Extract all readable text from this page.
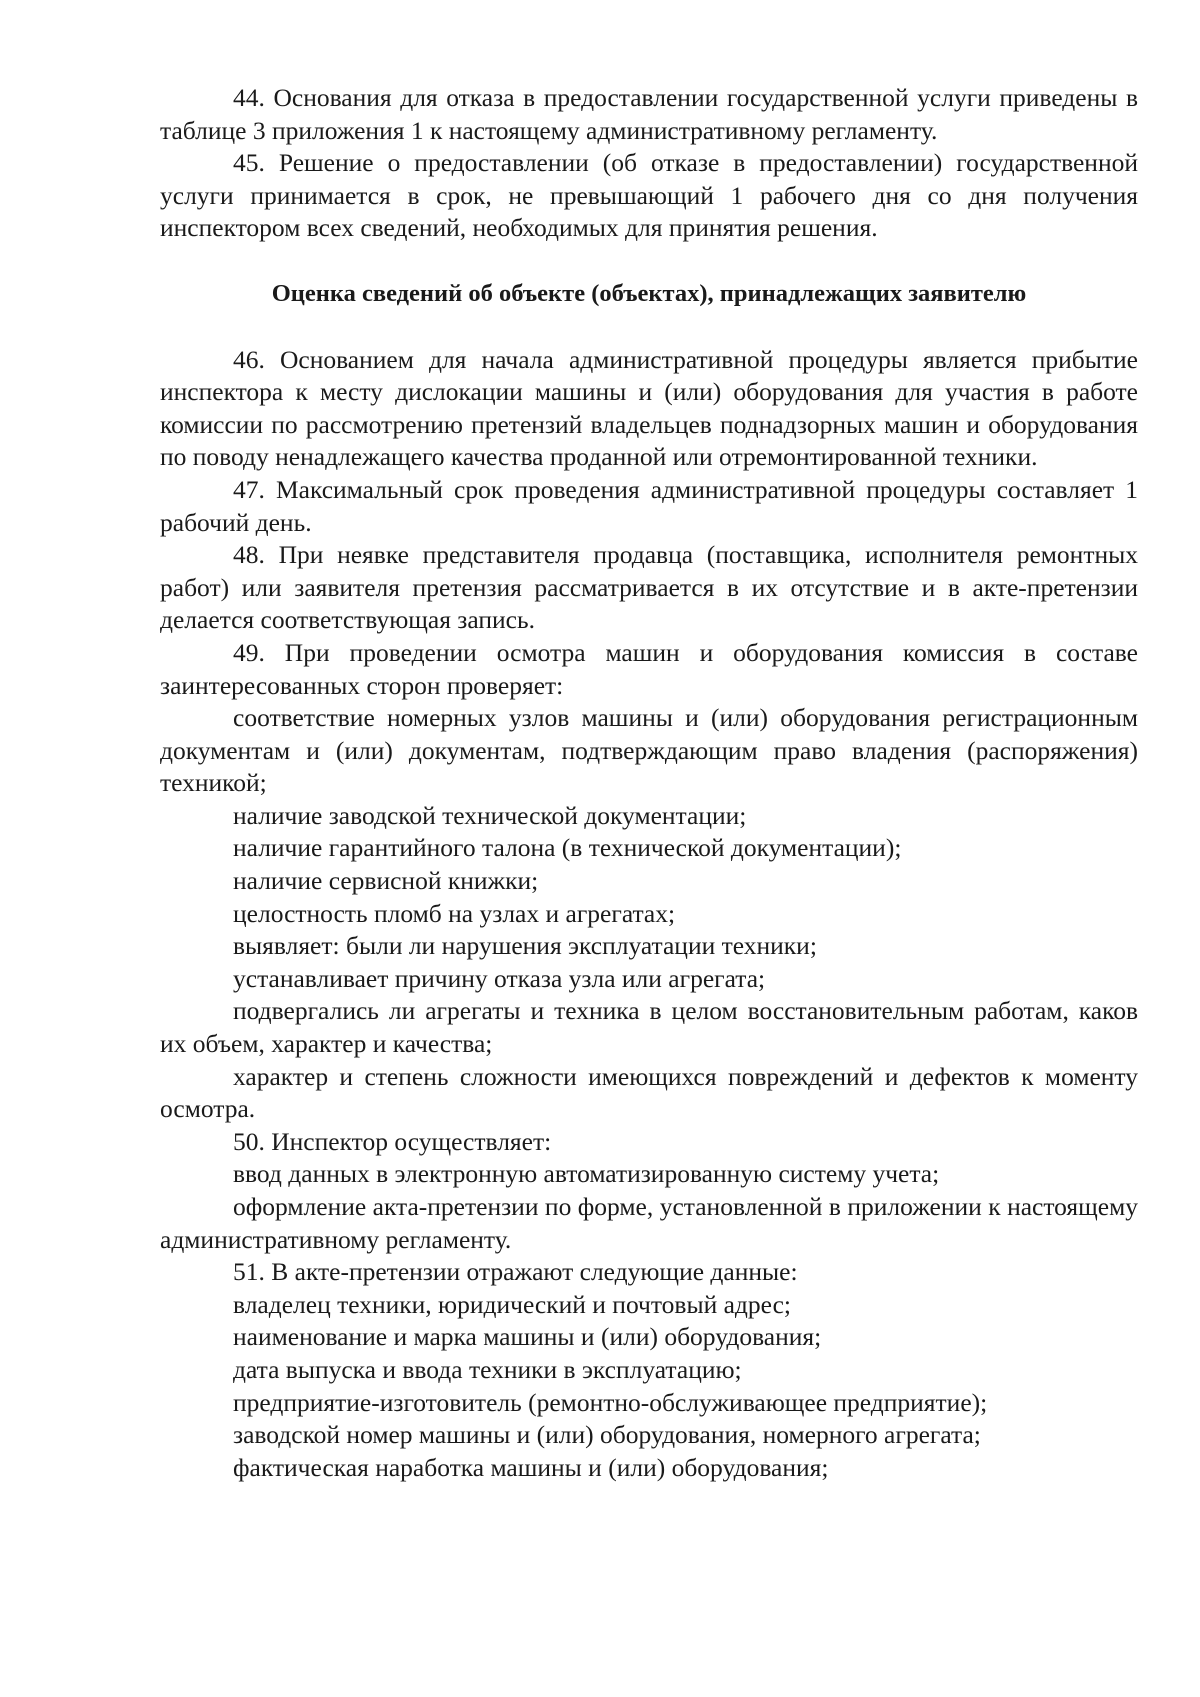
44. Основания для отказа в предоставлении государственной услуги приведены в таблице 3 приложения 1 к настоящему административному регламенту.

45. Решение о предоставлении (об отказе в предоставлении) государственной услуги принимается в срок, не превышающий 1 рабочего дня со дня получения инспектором всех сведений, необходимых для принятия решения.

Оценка сведений об объекте (объектах), принадлежащих заявителю

46. Основанием для начала административной процедуры является прибытие инспектора к месту дислокации машины и (или) оборудования для участия в работе комиссии по рассмотрению претензий владельцев поднадзорных машин и оборудования по поводу ненадлежащего качества проданной или отремонтированной техники.

47. Максимальный срок проведения административной процедуры составляет 1 рабочий день.

48. При неявке представителя продавца (поставщика, исполнителя ремонтных работ) или заявителя претензия рассматривается в их отсутствие и в акте-претензии делается соответствующая запись.

49. При проведении осмотра машин и оборудования комиссия в составе заинтересованных сторон проверяет:

соответствие номерных узлов машины и (или) оборудования регистрационным документам и (или) документам, подтверждающим право владения (распоряжения) техникой;

наличие заводской технической документации;

наличие гарантийного талона (в технической документации);

наличие сервисной книжки;

целостность пломб на узлах и агрегатах;

выявляет: были ли нарушения эксплуатации техники;

устанавливает причину отказа узла или агрегата;

подвергались ли агрегаты и техника в целом восстановительным работам, каков их объем, характер и качества;

характер и степень сложности имеющихся повреждений и дефектов к моменту осмотра.

50. Инспектор осуществляет:

ввод данных в электронную автоматизированную систему учета;

оформление акта-претензии по форме, установленной в приложении к настоящему административному регламенту.

51. В акте-претензии отражают следующие данные:

владелец техники, юридический и почтовый адрес;

наименование и марка машины и (или) оборудования;

дата выпуска и ввода техники в эксплуатацию;

предприятие-изготовитель (ремонтно-обслуживающее предприятие);

заводской номер машины и (или) оборудования, номерного агрегата;

фактическая наработка машины и (или) оборудования;
